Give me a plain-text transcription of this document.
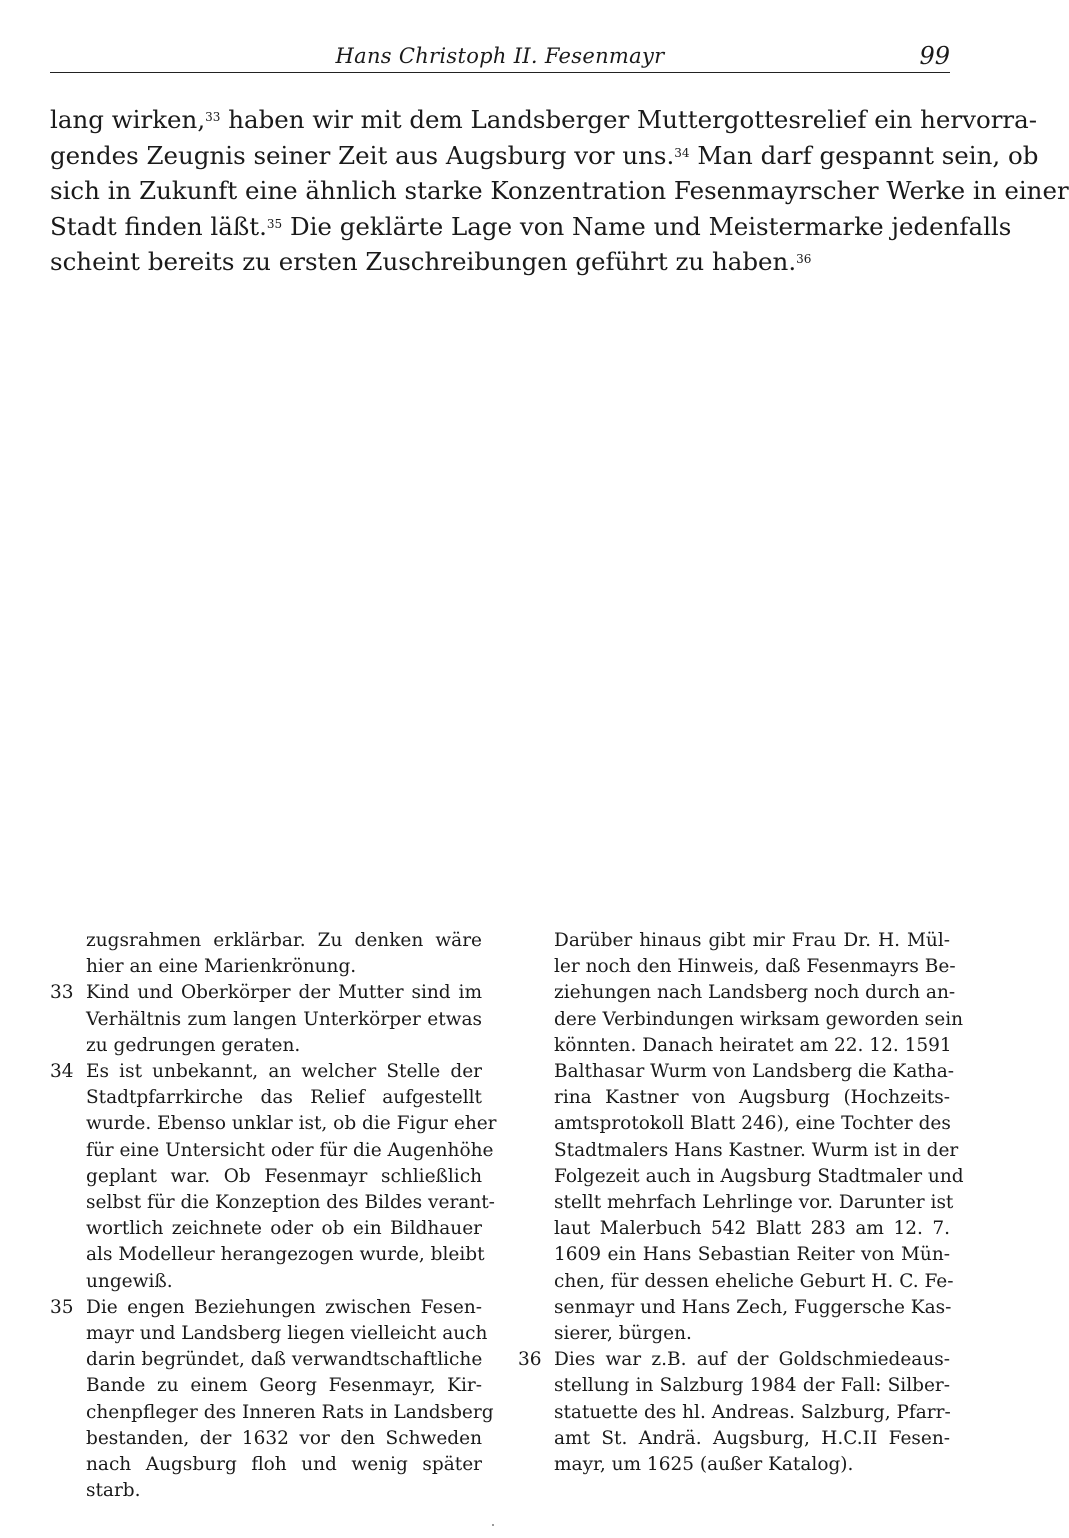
Hans Christoph II. Fesenmayr	99
lang wirken,$^{33}$ haben wir mit dem Landsberger Muttergottesrelief ein hervorra-
gendes Zeugnis seiner Zeit aus Augsburg vor uns.$^{34}$ Man darf gespannt sein, ob
sich in Zukunft eine ähnlich starke Konzentration Fesenmayrscher Werke in einer
Stadt finden läßt.$^{35}$ Die geklärte Lage von Name und Meistermarke jedenfalls
scheint bereits zu ersten Zuschreibungen geführt zu haben.$^{36}$
zugsrahmen erklärbar. Zu denken wäre
hier an eine Marienkrönung.
33 Kind und Oberkörper der Mutter sind im
Verhältnis zum langen Unterkörper etwas
zu gedrungen geraten.
34 Es ist unbekannt, an welcher Stelle der
Stadtpfarrkirche das Relief aufgestellt
wurde. Ebenso unklar ist, ob die Figur eher
für eine Untersicht oder für die Augenhöhe
geplant war. Ob Fesenmayr schließlich
selbst für die Konzeption des Bildes verant-
wortlich zeichnete oder ob ein Bildhauer
als Modelleur herangezogen wurde, bleibt
ungewiß.
35 Die engen Beziehungen zwischen Fesen-
mayr und Landsberg liegen vielleicht auch
darin begründet, daß verwandtschaftliche
Bande zu einem Georg Fesenmayr, Kir-
chenpfleger des Inneren Rats in Landsberg
bestanden, der 1632 vor den Schweden
nach Augsburg floh und wenig später
starb.
Darüber hinaus gibt mir Frau Dr. H. Mül-
ler noch den Hinweis, daß Fesenmayrs Be-
ziehungen nach Landsberg noch durch an-
dere Verbindungen wirksam geworden sein
könnten. Danach heiratet am 22. 12. 1591
Balthasar Wurm von Landsberg die Katha-
rina Kastner von Augsburg (Hochzeits-
amtsprotokoll Blatt 246), eine Tochter des
Stadtmalers Hans Kastner. Wurm ist in der
Folgezeit auch in Augsburg Stadtmaler und
stellt mehrfach Lehrlinge vor. Darunter ist
laut Malerbuch 542 Blatt 283 am 12. 7.
1609 ein Hans Sebastian Reiter von Mün-
chen, für dessen eheliche Geburt H. C. Fe-
senmayr und Hans Zech, Fuggersche Kas-
sierer, bürgen.
36 Dies war z.B. auf der Goldschmiedeaus-
stellung in Salzburg 1984 der Fall: Silber-
statuette des hl. Andreas. Salzburg, Pfarr-
amt St. Andrä. Augsburg, H.C.II Fesen-
mayr, um 1625 (außer Katalog).
